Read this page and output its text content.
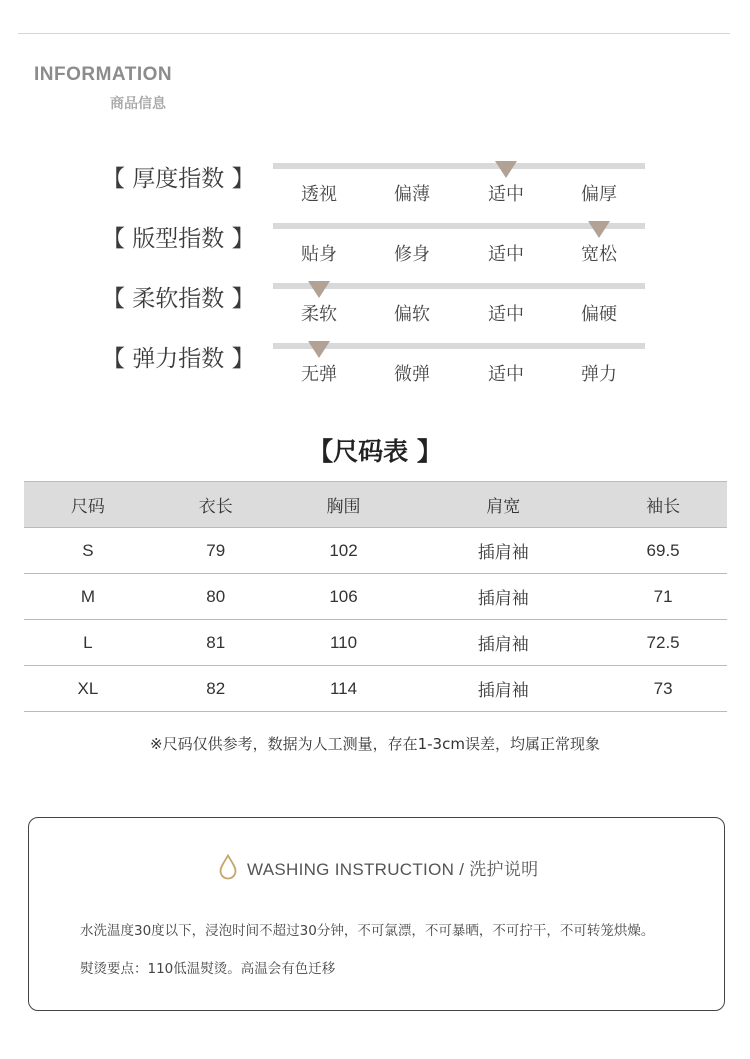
INFORMATION
商品信息
【 厚度指数 】
透视	偏薄	适中	偏厚
【 版型指数 】
贴身	修身	适中	宽松
【 柔软指数 】
柔软	偏软	适中	偏硬
【 弹力指数 】
无弹	微弹	适中	弹力
【尺码表 】
尺码	衣长	胸围	肩宽	袖长
S	79	102	插肩袖	69.5
M	80	106	插肩袖	71
L	81	110	插肩袖	72.5
XL	82	114	插肩袖	73
※尺码仅供参考，数据为人工测量，存在1-3cm误差，均属正常现象
WASHING INSTRUCTION / 洗护说明
水洗温度30度以下，浸泡时间不超过30分钟，不可氯漂，不可暴晒，不可拧干，不可转笼烘燥。
熨烫要点：110低温熨烫。高温会有色迁移
